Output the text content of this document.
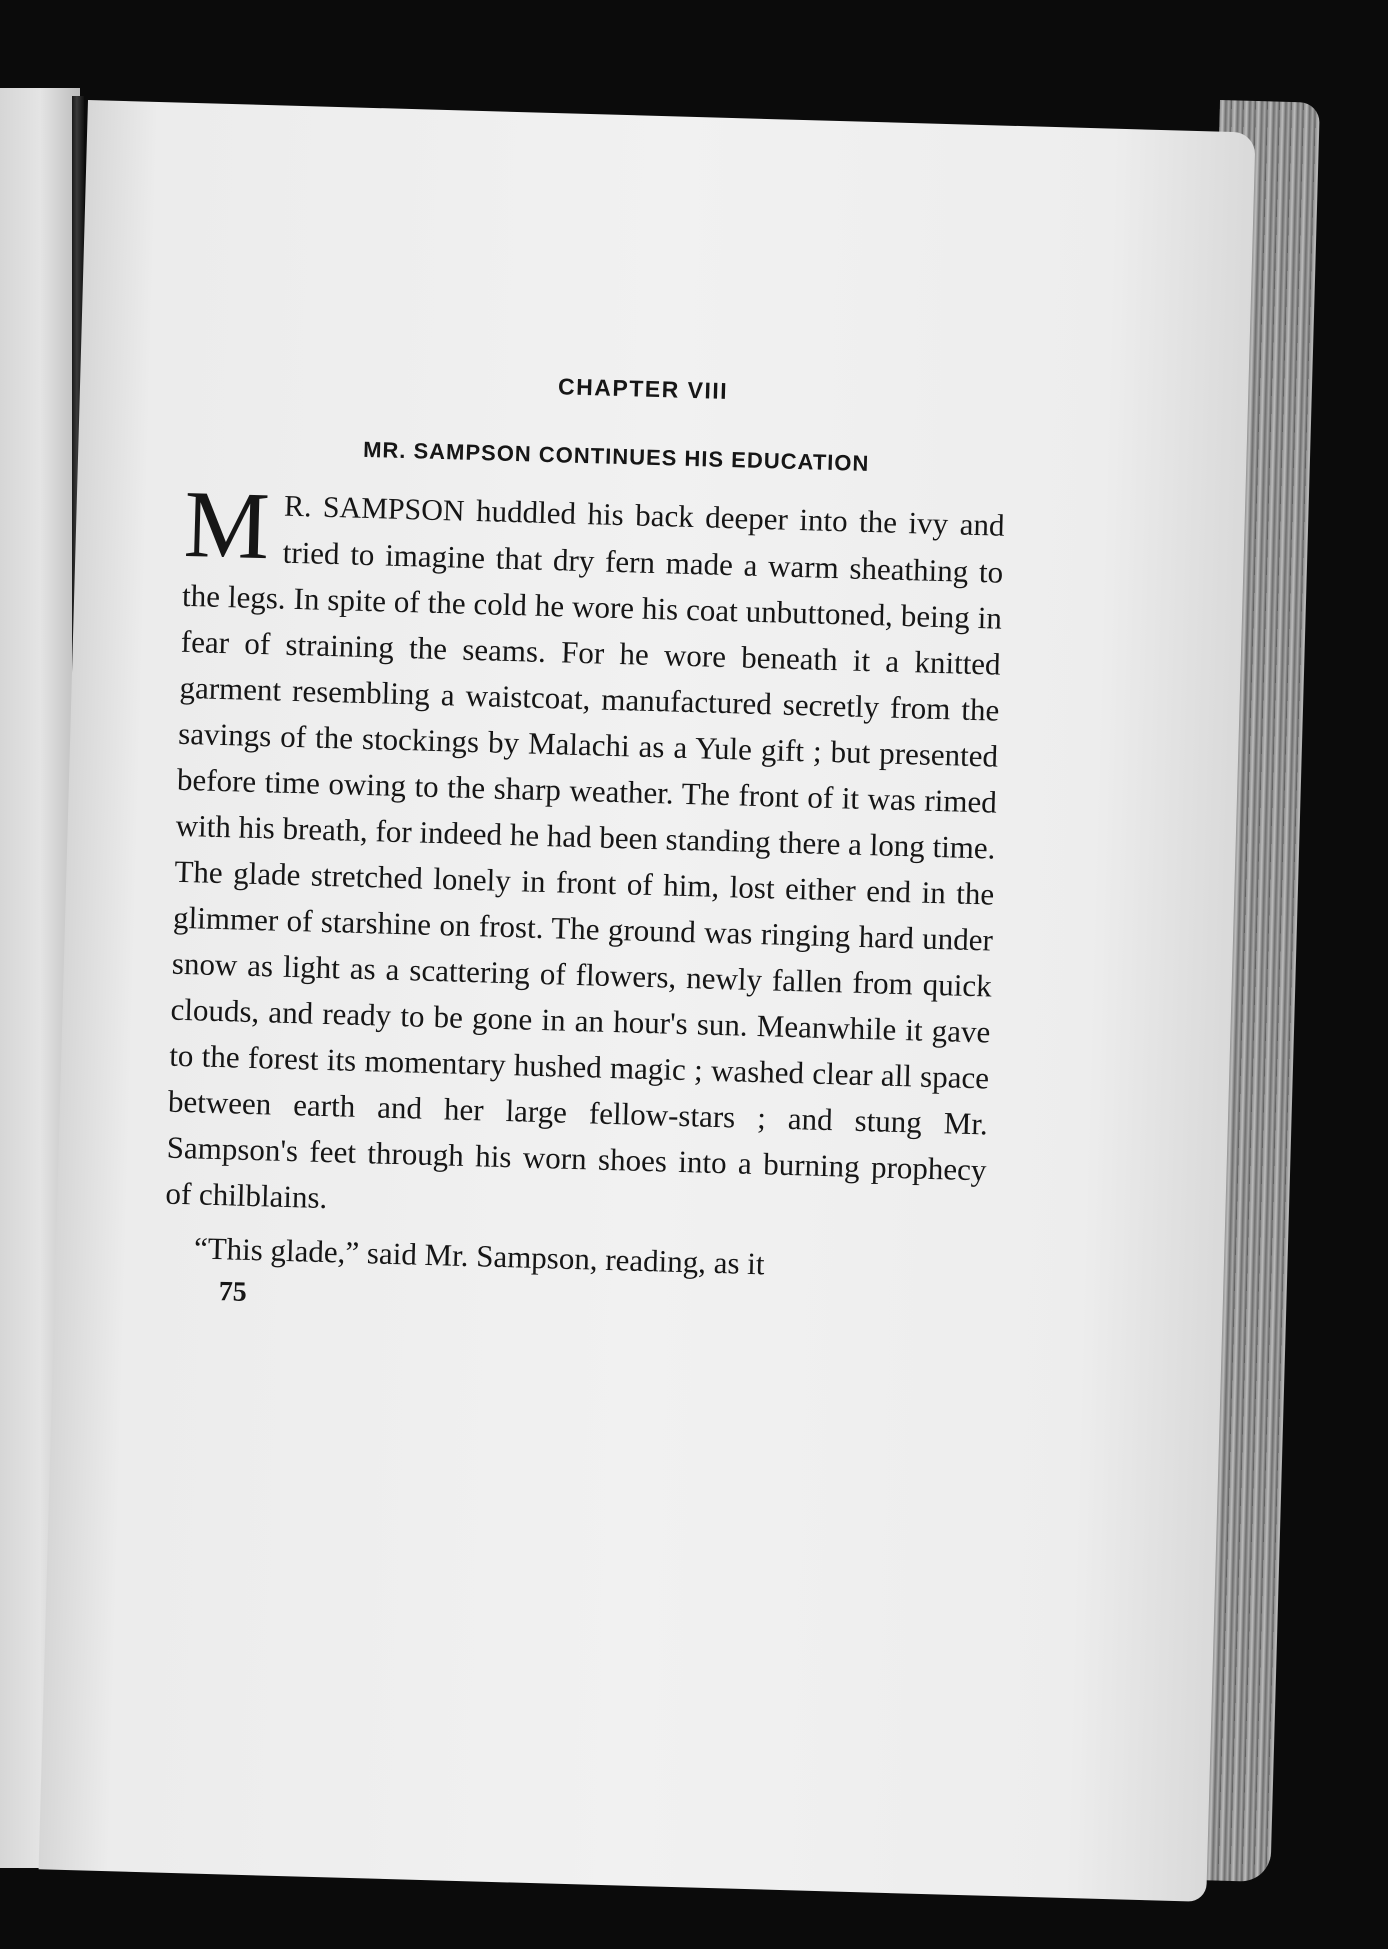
CHAPTER VIII

MR. SAMPSON CONTINUES HIS EDUCATION

M R. SAMPSON huddled his back deeper into the ivy and tried to imagine that dry fern made a warm sheathing to the legs. In spite of the cold he wore his coat unbuttoned, being in fear of straining the seams. For he wore beneath it a knitted garment resembling a waistcoat, manufactured secretly from the savings of the stockings by Malachi as a Yule gift ; but presented before time owing to the sharp weather. The front of it was rimed with his breath, for indeed he had been standing there a long time. The glade stretched lonely in front of him, lost either end in the glimmer of starshine on frost. The ground was ringing hard under snow as light as a scattering of flowers, newly fallen from quick clouds, and ready to be gone in an hour's sun. Meanwhile it gave to the forest its momentary hushed magic ; washed clear all space between earth and her large fellow-stars ; and stung Mr. Sampson's feet through his worn shoes into a burning prophecy of chilblains.

“This glade,” said Mr. Sampson, reading, as it

75
